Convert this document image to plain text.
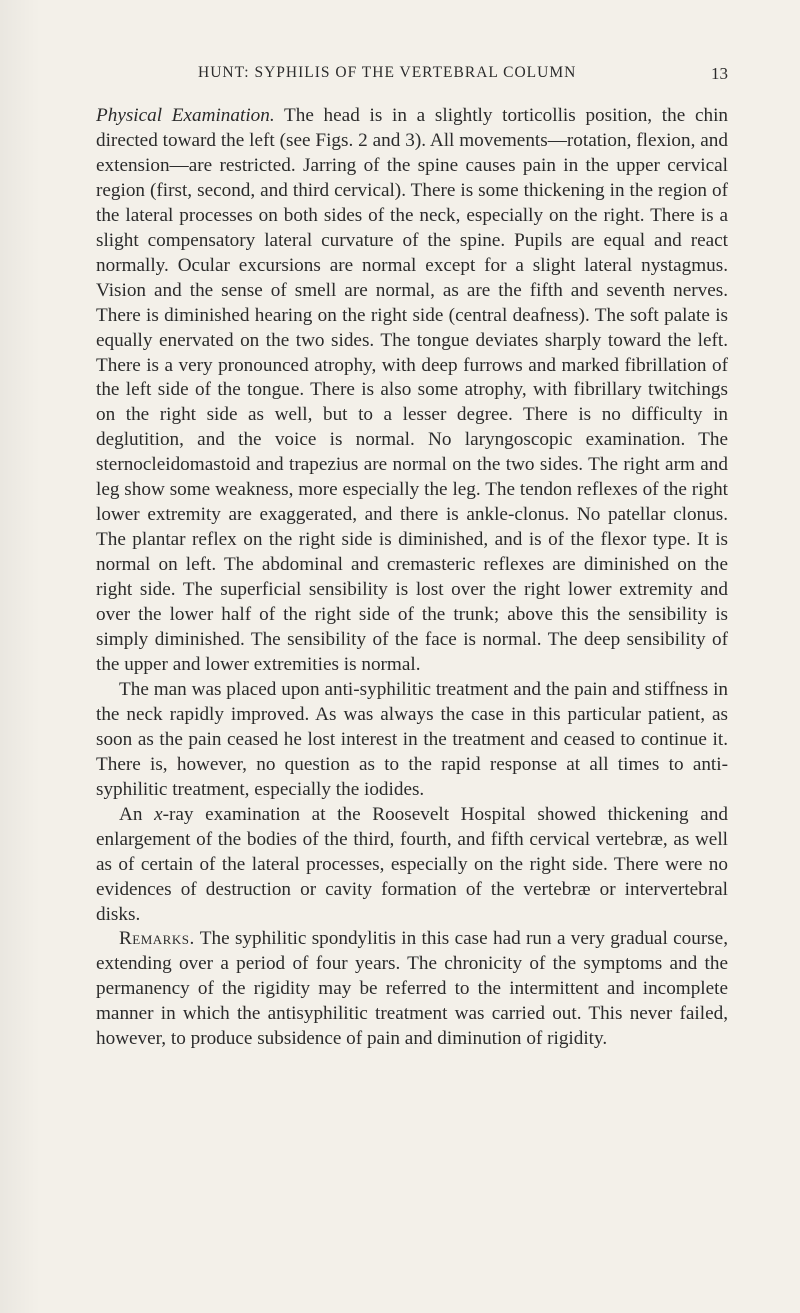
HUNT: SYPHILIS OF THE VERTEBRAL COLUMN	13

Physical Examination. The head is in a slightly torticollis position, the chin directed toward the left (see Figs. 2 and 3). All movements—rotation, flexion, and extension—are restricted. Jarring of the spine causes pain in the upper cervical region (first, second, and third cervical). There is some thickening in the region of the lateral processes on both sides of the neck, especially on the right. There is a slight compensatory lateral curvature of the spine. Pupils are equal and react normally. Ocular excursions are normal except for a slight lateral nystagmus. Vision and the sense of smell are normal, as are the fifth and seventh nerves. There is diminished hearing on the right side (central deafness). The soft palate is equally enervated on the two sides. The tongue deviates sharply toward the left. There is a very pronounced atrophy, with deep furrows and marked fibrillation of the left side of the tongue. There is also some atrophy, with fibrillary twitchings on the right side as well, but to a lesser degree. There is no difficulty in deglutition, and the voice is normal. No laryngoscopic examination. The sternocleidomastoid and trapezius are normal on the two sides. The right arm and leg show some weakness, more especially the leg. The tendon reflexes of the right lower extremity are exaggerated, and there is ankle-clonus. No patellar clonus. The plantar reflex on the right side is diminished, and is of the flexor type. It is normal on left. The abdominal and cremasteric reflexes are diminished on the right side. The superficial sensibility is lost over the right lower extremity and over the lower half of the right side of the trunk; above this the sensibility is simply diminished. The sensibility of the face is normal. The deep sensibility of the upper and lower extremities is normal.

The man was placed upon anti-syphilitic treatment and the pain and stiffness in the neck rapidly improved. As was always the case in this particular patient, as soon as the pain ceased he lost interest in the treatment and ceased to continue it. There is, however, no question as to the rapid response at all times to anti-syphilitic treatment, especially the iodides.

An x-ray examination at the Roosevelt Hospital showed thickening and enlargement of the bodies of the third, fourth, and fifth cervical vertebræ, as well as of certain of the lateral processes, especially on the right side. There were no evidences of destruction or cavity formation of the vertebræ or intervertebral disks.

Remarks. The syphilitic spondylitis in this case had run a very gradual course, extending over a period of four years. The chronicity of the symptoms and the permanency of the rigidity may be referred to the intermittent and incomplete manner in which the antisyphilitic treatment was carried out. This never failed, however, to produce subsidence of pain and diminution of rigidity.
